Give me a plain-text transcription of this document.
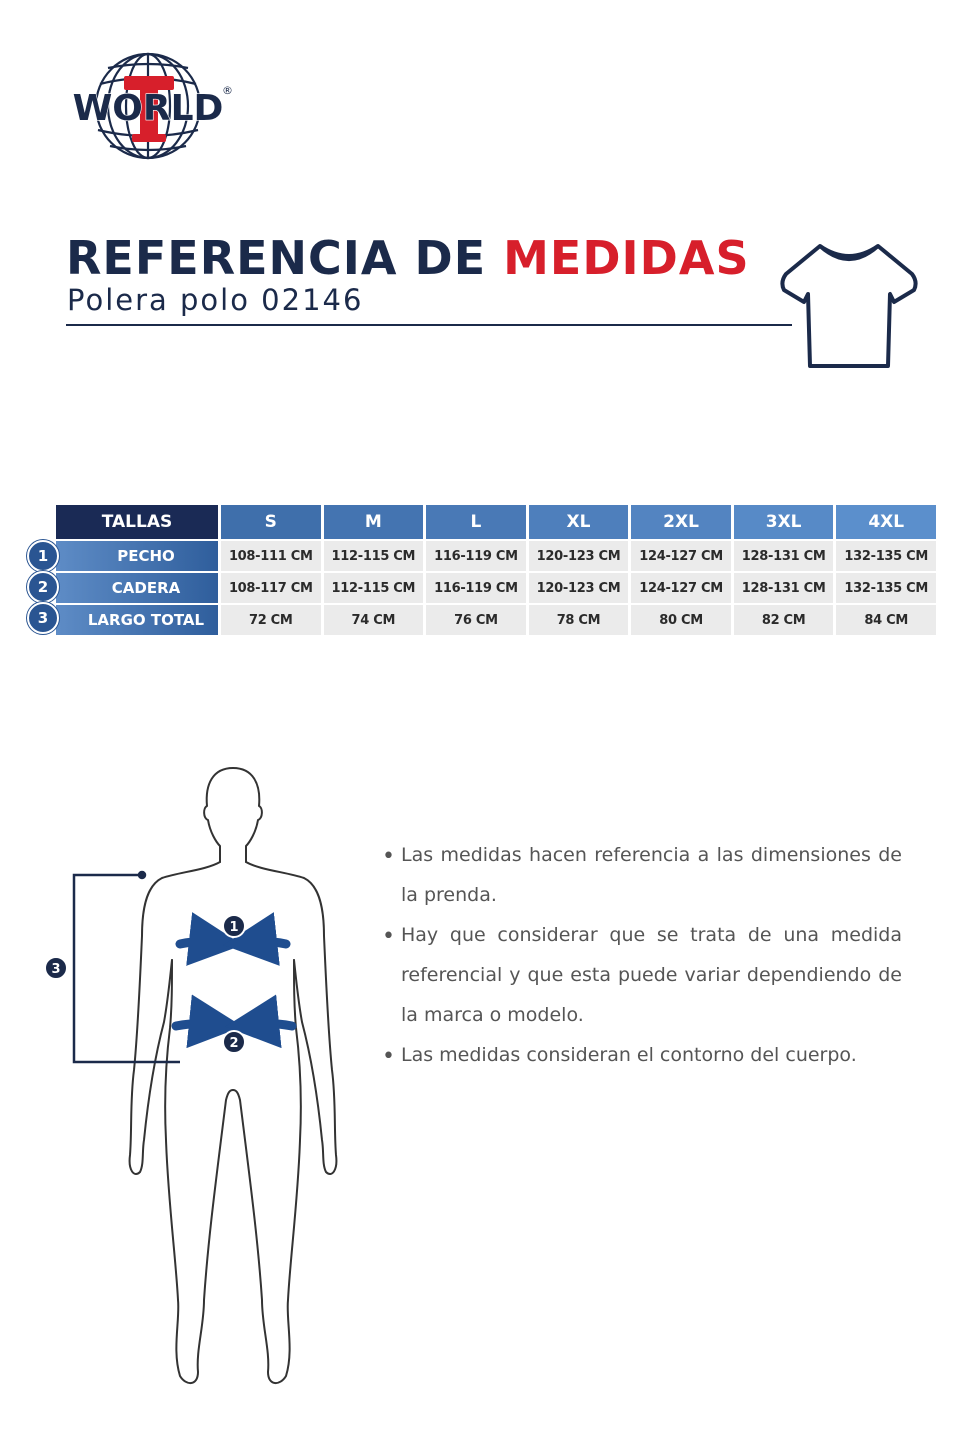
WORLD
®
REFERENCIA DE MEDIDAS
Polera polo 02146
TALLAS	S	M	L	XL	2XL	3XL	4XL
PECHO	108-111 CM	112-115 CM	116-119 CM	120-123 CM	124-127 CM	128-131 CM	132-135 CM
CADERA	108-117 CM	112-115 CM	116-119 CM	120-123 CM	124-127 CM	128-131 CM	132-135 CM
LARGO TOTAL	72 CM	74 CM	76 CM	78 CM	80 CM	82 CM	84 CM
1
2
3
1
2
3
• Las medidas hacen referencia a las dimensiones de la prenda.
• Hay que considerar que se trata de una medida referencial y que esta puede variar dependiendo de la marca o modelo.
• Las medidas consideran el contorno del cuerpo.
